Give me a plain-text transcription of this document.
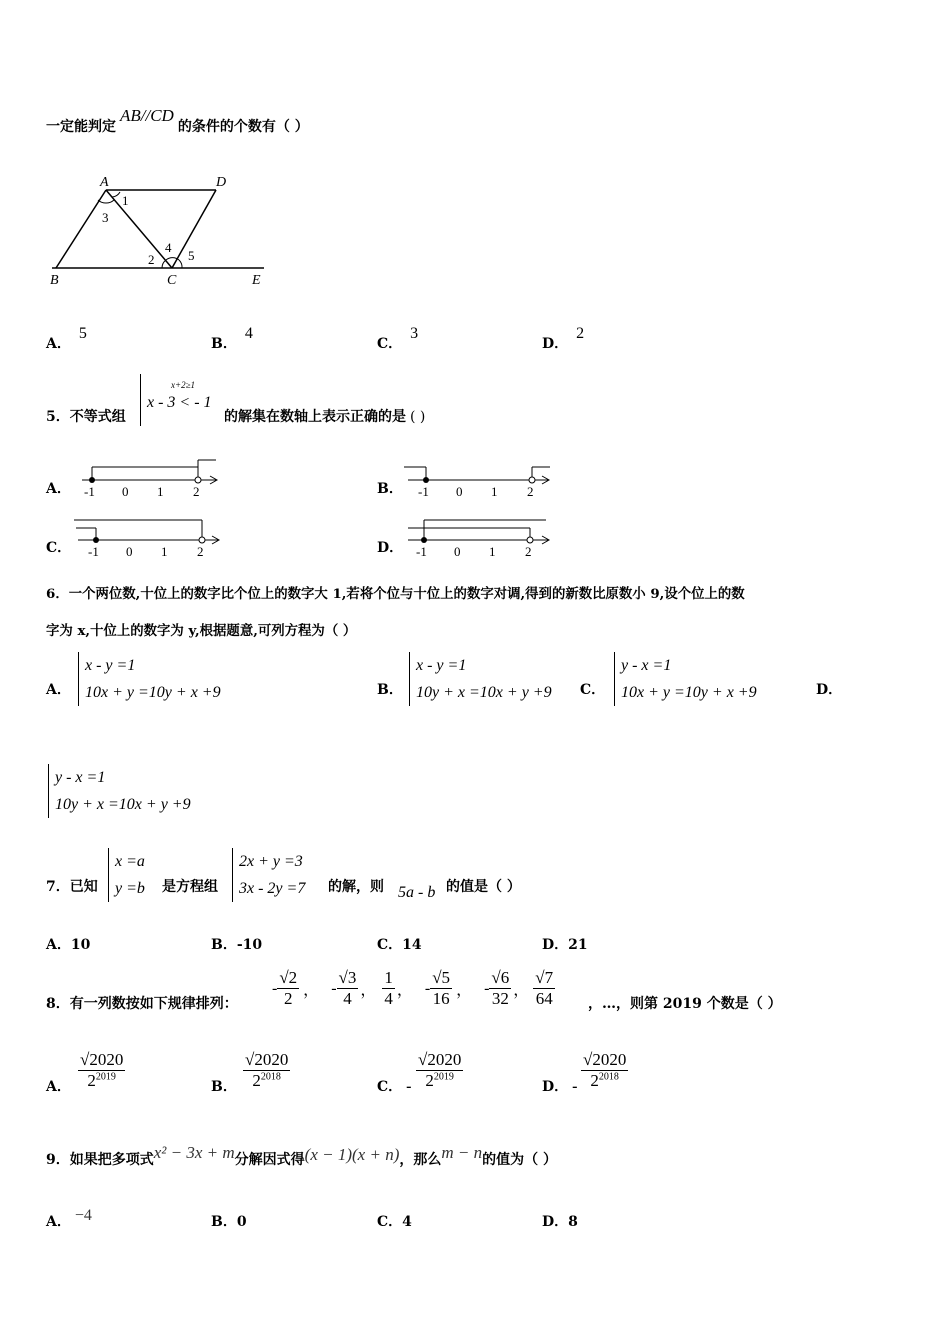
一定能判定AB//CD的条件的个数有（ ）
A	D
B	C	E
1
3
2
4
5
A．5
B．4
C．3
D．2
5．不等式组
x+2≥1
x - 3 < - 1
的解集在数轴上表示正确的是 ( )
A． -1 0 1 2	B． -1 0 1 2
C． -1 0 1 2	D． -1 0 1 2
6．一个两位数,十位上的数字比个位上的数字大 1,若将个位与十位上的数字对调,得到的新数比原数小 9,设个位上的数
字为 x,十位上的数字为 y,根据题意,可列方程为（ ）
A．
x - y =1
10x + y =10y + x +9	B．
x - y =1
10y + x =10x + y +9 C．
y - x =1
10x + y =10y + x +9	D．
y - x =1
10y + x =10x + y +9
7．已知
x =a
y =b 是方程组
2x + y =3
3x - 2y =7 的解，则 5a - b 的值是（ ）
A．10	B．-10	C．14	D．21
8．有一列数按如下规律排列：
- $\frac{√2}{2}$ ， - $\frac{√3}{4}$ ， $\frac{1}{4}$ ， - $\frac{√5}{16}$ ， - $\frac{√6}{32}$ ， $\frac{√7}{64}$ ，…，则第 2019 个数是（ ）
A． $\frac{√2020}{2^{2019}}$	B． $\frac{√2020}{2^{2018}}$	C． - $\frac{√2020}{2^{2019}}$	D． - $\frac{√2020}{2^{2018}}$
9．如果把多项式x² − 3x + m分解因式得(x − 1)(x + n)，那么m − n的值为（ ）
A． −4	B．0	C．4	D．8
